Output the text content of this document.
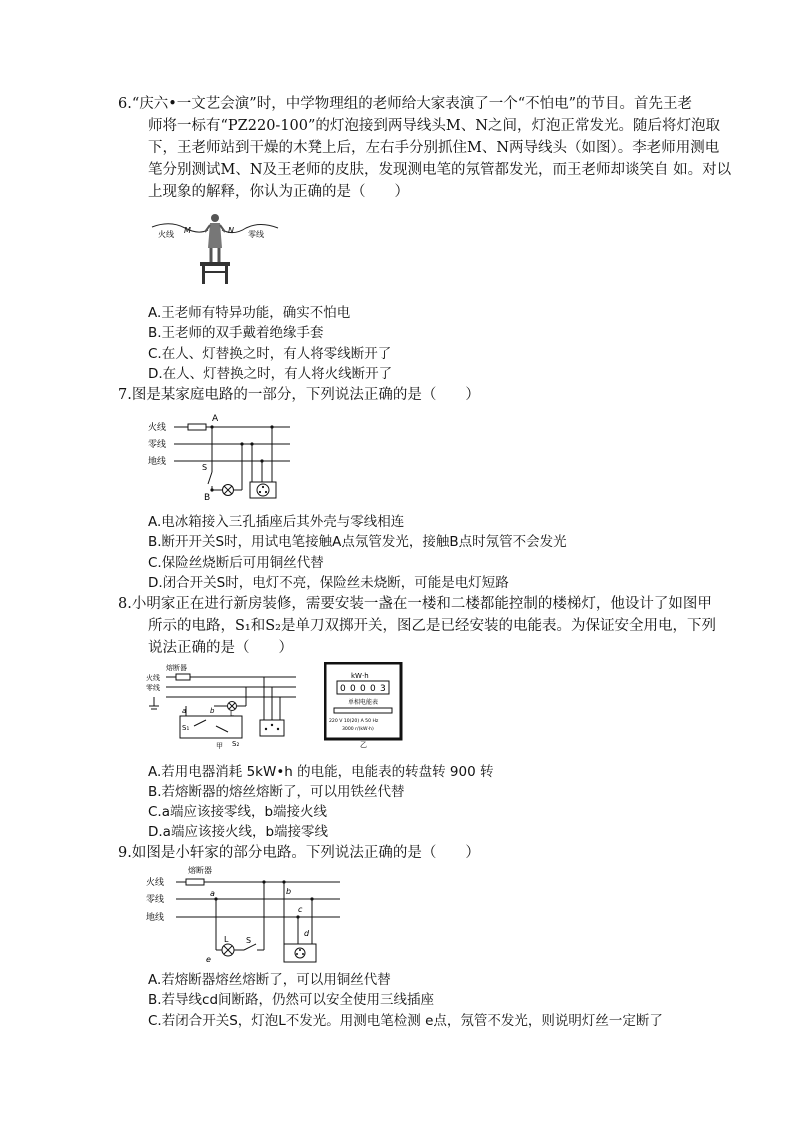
6.“庆六•一文艺会演”时，中学物理组的老师给大家表演了一个“不怕电”的节目。首先王老
师将一标有“PZ220-100”的灯泡接到两导线头M、N之间，灯泡正常发光。随后将灯泡取
下，王老师站到干燥的木凳上后，左右手分别抓住M、N两导线头（如图）。李老师用测电
笔分别测试M、N及王老师的皮肤，发现测电笔的氖管都发光，而王老师却谈笑自 如。对以
上现象的解释，你认为正确的是（　　）
火线	零线
M	N
A.王老师有特异功能，确实不怕电
B.王老师的双手戴着绝缘手套
C.在人、灯替换之时，有人将零线断开了
D.在人、灯替换之时，有人将火线断开了
7.图是某家庭电路的一部分，下列说法正确的是（　　）
火线
零线
地线
A
S
B
A.电冰箱接入三孔插座后其外壳与零线相连
B.断开开关S时，用试电笔接触A点氖管发光，接触B点时氖管不会发光
C.保险丝烧断后可用铜丝代替
D.闭合开关S时，电灯不亮，保险丝未烧断，可能是电灯短路
8.小明家正在进行新房装修，需要安装一盏在一楼和二楼都能控制的楼梯灯，他设计了如图甲
所示的电路，S₁和S₂是单刀双掷开关，图乙是已经安装的电能表。为保证安全用电，下列
说法正确的是（　　）
熔断器
火线
零线
a	b L
S₁
S₂
甲
kW·h
0 0 0 0 3
单相电能表
220 V 10(20) A 50 Hz
3000 r/(kW·h)
乙
A.若用电器消耗 5kW•h 的电能，电能表的转盘转 900 转
B.若熔断器的熔丝熔断了，可以用铁丝代替
C.a端应该接零线，b端接火线
D.a端应该接火线，b端接零线
9.如图是小轩家的部分电路。下列说法正确的是（　　）
熔断器
火线
零线
地线
a
e
L S
b
c
d
A.若熔断器熔丝熔断了，可以用铜丝代替
B.若导线cd间断路，仍然可以安全使用三线插座
C.若闭合开关S，灯泡L不发光。用测电笔检测 e点，氖管不发光，则说明灯丝一定断了
